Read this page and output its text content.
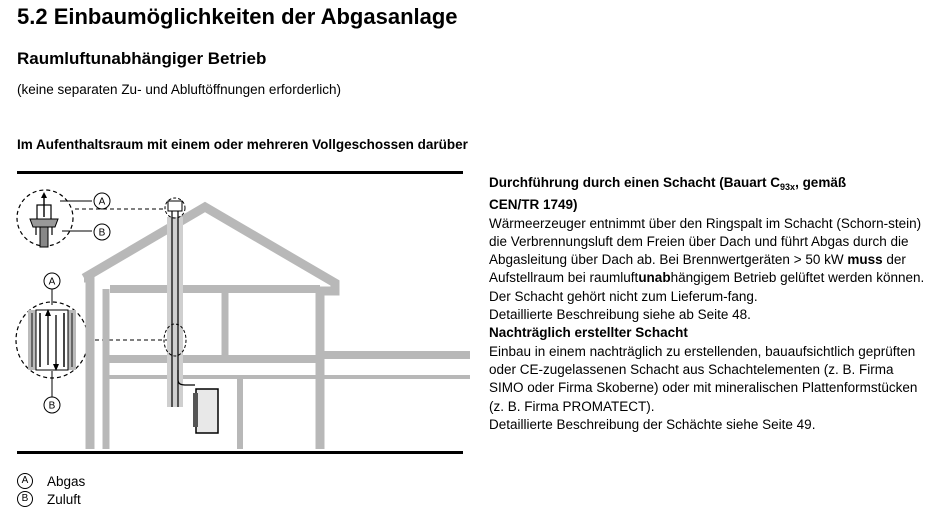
5.2 Einbaumöglichkeiten der Abgasanlage
Raumluftunabhängiger Betrieb

(keine separaten Zu- und Abluftöffnungen erforderlich)

Im Aufenthaltsraum mit einem oder mehreren Vollgeschossen darüber

A
B
A
B

Durchführung durch einen Schacht (Bauart $C_{93x}$, gemäß
CEN/TR 1749)

Wärmeerzeuger entnimmt über den Ringspalt im Schacht (Schorn-stein) die Verbrennungsluft dem Freien über Dach und führt Abgas durch die Abgasleitung über Dach ab. Bei Brennwertgeräten > 50 kW muss der Aufstellraum bei raumluftunabhängigem Betrieb gelüftet werden können. Der Schacht gehört nicht zum Lieferum-fang.

Detaillierte Beschreibung siehe ab Seite 48.

Nachträglich erstellter Schacht

Einbau in einem nachträglich zu erstellenden, bauaufsichtlich geprüften oder CE-zugelassenen Schacht aus Schachtelementen (z. B. Firma SIMO oder Firma Skoberne) oder mit mineralischen Plattenformstücken (z. B. Firma PROMATECT).

Detaillierte Beschreibung der Schächte siehe Seite 49.

A	Abgas
B	Zuluft
